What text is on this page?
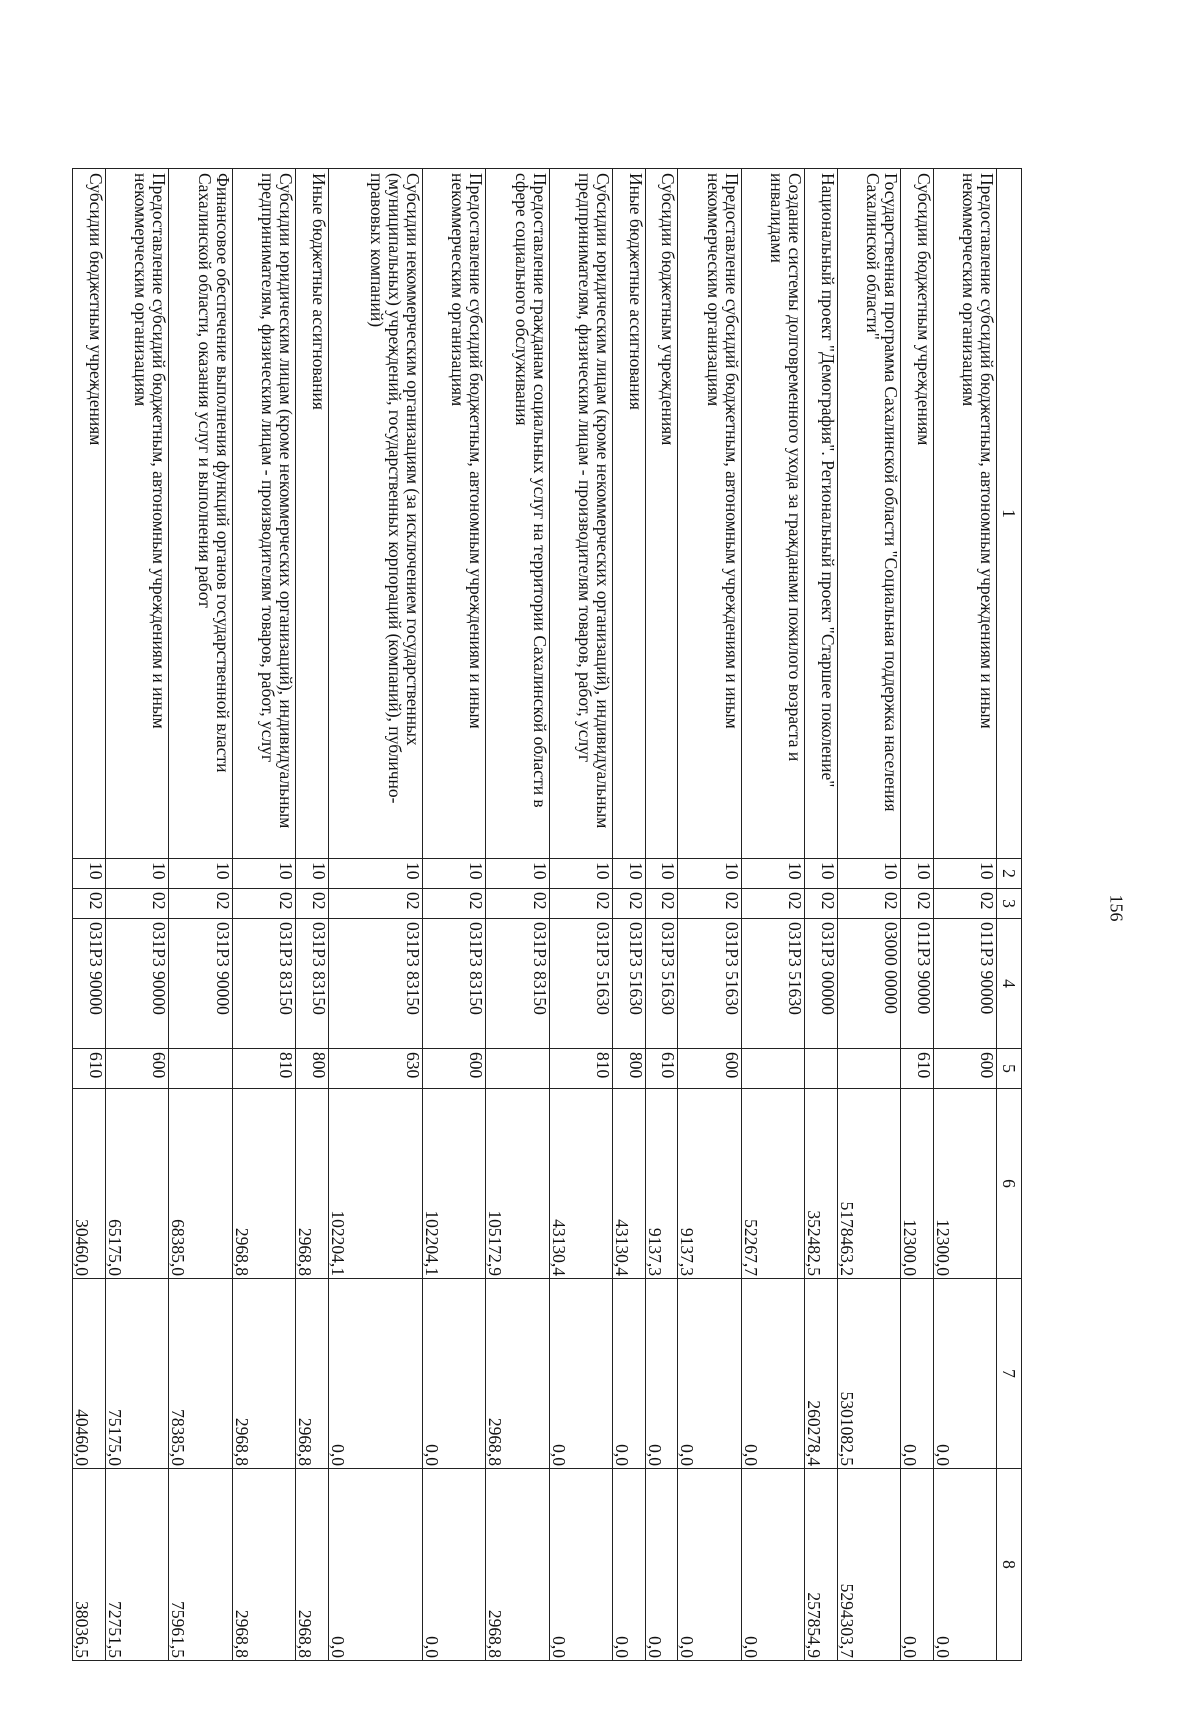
156
1	2	3	4	5	6	7	8
Предоставление субсидий бюджетным, автономным учреждениям и иным некоммерческим организациям	10	02	011Р3 90000	600	12300,0	0,0	0,0
Субсидии бюджетным учреждениям	10	02	011Р3 90000	610	12300,0	0,0	0,0
Государственная программа Сахалинской области "Социальная поддержка населения Сахалинской области"	10	02	03000 00000		5178463,2	5301082,5	5294303,7
Национальный проект "Демография". Региональный проект "Старшее поколение"	10	02	031Р3 00000		352482,5	260278,4	257854,9
Создание системы долговременного ухода за гражданами пожилого возраста и инвалидами	10	02	031Р3 51630		52267,7	0,0	0,0
Предоставление субсидий бюджетным, автономным учреждениям и иным некоммерческим организациям	10	02	031Р3 51630	600	9137,3	0,0	0,0
Субсидии бюджетным учреждениям	10	02	031Р3 51630	610	9137,3	0,0	0,0
Иные бюджетные ассигнования	10	02	031Р3 51630	800	43130,4	0,0	0,0
Субсидии юридическим лицам (кроме некоммерческих организаций), индивидуальным предпринимателям, физическим лицам - производителям товаров, работ, услуг	10	02	031Р3 51630	810	43130,4	0,0	0,0
Предоставление гражданам социальных услуг на территории Сахалинской области в сфере социального обслуживания	10	02	031Р3 83150		105172,9	2968,8	2968,8
Предоставление субсидий бюджетным, автономным учреждениям и иным некоммерческим организациям	10	02	031Р3 83150	600	102204,1	0,0	0,0
Субсидии некоммерческим организациям (за исключением государственных (муниципальных) учреждений, государственных корпораций (компаний), публично-правовых компаний)	10	02	031Р3 83150	630	102204,1	0,0	0,0
Иные бюджетные ассигнования	10	02	031Р3 83150	800	2968,8	2968,8	2968,8
Субсидии юридическим лицам (кроме некоммерческих организаций), индивидуальным предпринимателям, физическим лицам - производителям товаров, работ, услуг	10	02	031Р3 83150	810	2968,8	2968,8	2968,8
Финансовое обеспечение выполнения функций органов государственной власти Сахалинской области, оказания услуг и выполнения работ	10	02	031Р3 90000		68385,0	78385,0	75961,5
Предоставление субсидий бюджетным, автономным учреждениям и иным некоммерческим организациям	10	02	031Р3 90000	600	65175,0	75175,0	72751,5
Субсидии бюджетным учреждениям	10	02	031Р3 90000	610	30460,0	40460,0	38036,5
